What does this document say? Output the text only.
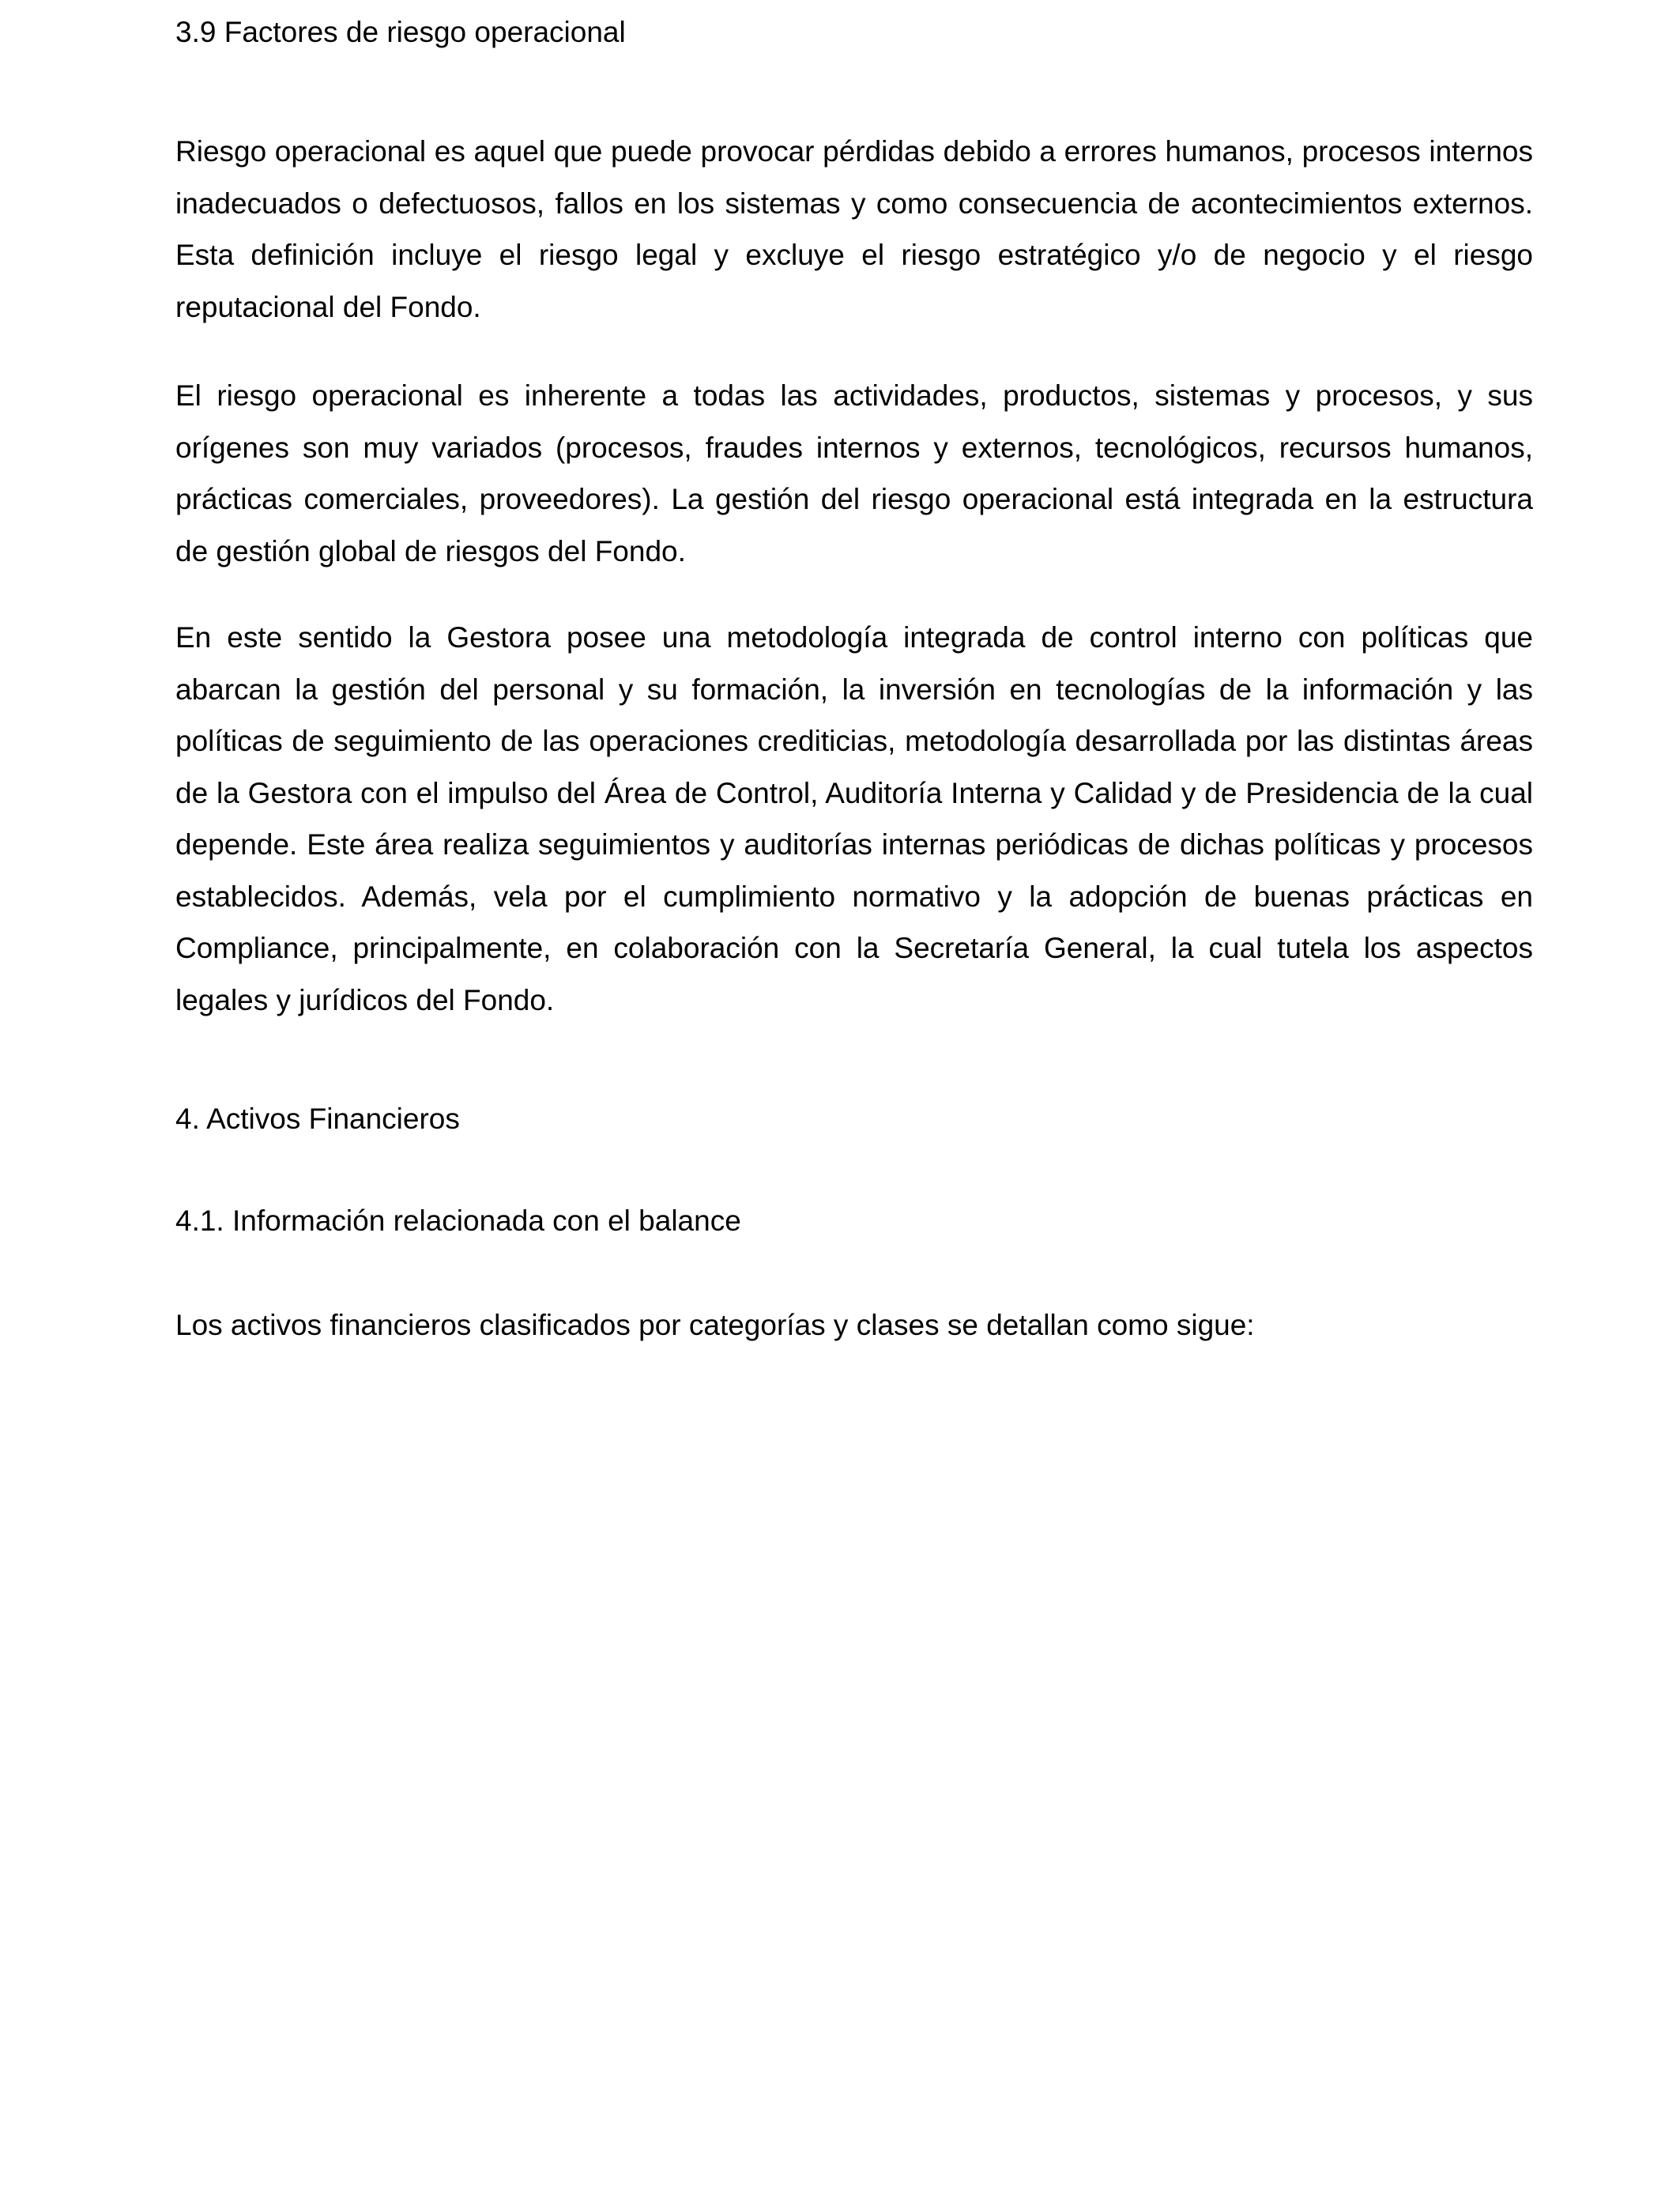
3.9 Factores de riesgo operacional

Riesgo operacional es aquel que puede provocar pérdidas debido a errores humanos, procesos internos inadecuados o defectuosos, fallos en los sistemas y como consecuencia de acontecimientos externos. Esta definición incluye el riesgo legal y excluye el riesgo estratégico y/o de negocio y el riesgo reputacional del Fondo.

El riesgo operacional es inherente a todas las actividades, productos, sistemas y procesos, y sus orígenes son muy variados (procesos, fraudes internos y externos, tecnológicos, recursos humanos, prácticas comerciales, proveedores). La gestión del riesgo operacional está integrada en la estructura de gestión global de riesgos del Fondo.

En este sentido la Gestora posee una metodología integrada de control interno con políticas que abarcan la gestión del personal y su formación, la inversión en tecnologías de la información y las políticas de seguimiento de las operaciones crediticias, metodología desarrollada por las distintas áreas de la Gestora con el impulso del Área de Control, Auditoría Interna y Calidad y de Presidencia de la cual depende. Este área realiza seguimientos y auditorías internas periódicas de dichas políticas y procesos establecidos. Además, vela por el cumplimiento normativo y la adopción de buenas prácticas en Compliance, principalmente, en colaboración con la Secretaría General, la cual tutela los aspectos legales y jurídicos del Fondo.

4. Activos Financieros
4.1. Información relacionada con el balance

Los activos financieros clasificados por categorías y clases se detallan como sigue:
